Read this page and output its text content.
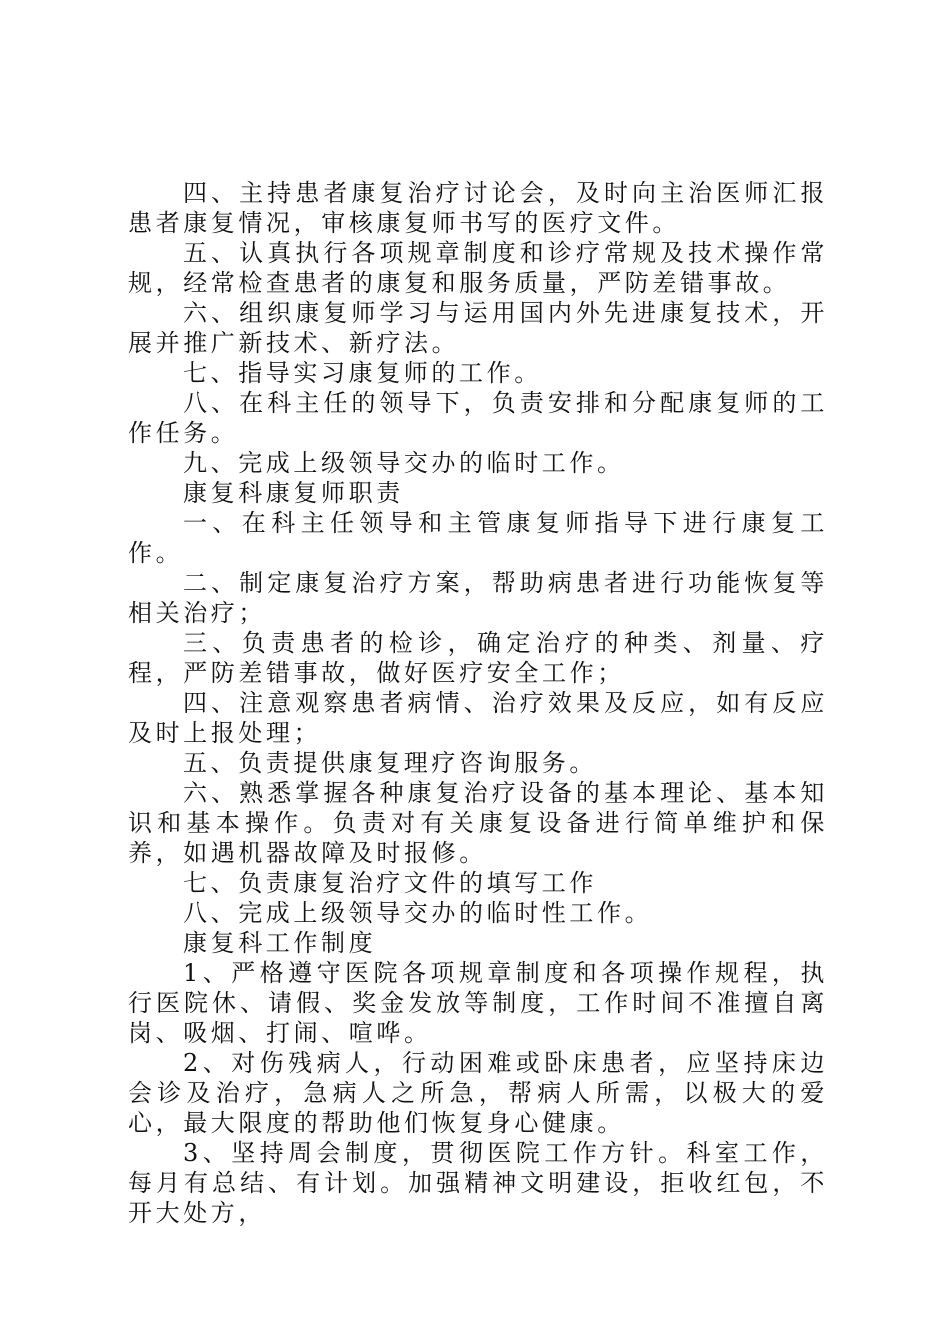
四、主持患者康复治疗讨论会，及时向主治医师汇报患者康复情况，审核康复师书写的医疗文件。

五、认真执行各项规章制度和诊疗常规及技术操作常规，经常检查患者的康复和服务质量，严防差错事故。

六、组织康复师学习与运用国内外先进康复技术，开展并推广新技术、新疗法。

七、指导实习康复师的工作。

八、在科主任的领导下，负责安排和分配康复师的工作任务。

九、完成上级领导交办的临时工作。

康复科康复师职责

一、在科主任领导和主管康复师指导下进行康复工作。

二、制定康复治疗方案，帮助病患者进行功能恢复等相关治疗；

三、负责患者的检诊，确定治疗的种类、剂量、疗程，严防差错事故，做好医疗安全工作；

四、注意观察患者病情、治疗效果及反应，如有反应及时上报处理；

五、负责提供康复理疗咨询服务。

六、熟悉掌握各种康复治疗设备的基本理论、基本知识和基本操作。负责对有关康复设备进行简单维护和保养，如遇机器故障及时报修。

七、负责康复治疗文件的填写工作

八、完成上级领导交办的临时性工作。

康复科工作制度

1、严格遵守医院各项规章制度和各项操作规程，执行医院休、请假、奖金发放等制度，工作时间不准擅自离岗、吸烟、打闹、喧哗。

2、对伤残病人，行动困难或卧床患者，应坚持床边会诊及治疗，急病人之所急，帮病人所需，以极大的爱心，最大限度的帮助他们恢复身心健康。

3、坚持周会制度，贯彻医院工作方针。科室工作，每月有总结、有计划。加强精神文明建设，拒收红包，不开大处方，
